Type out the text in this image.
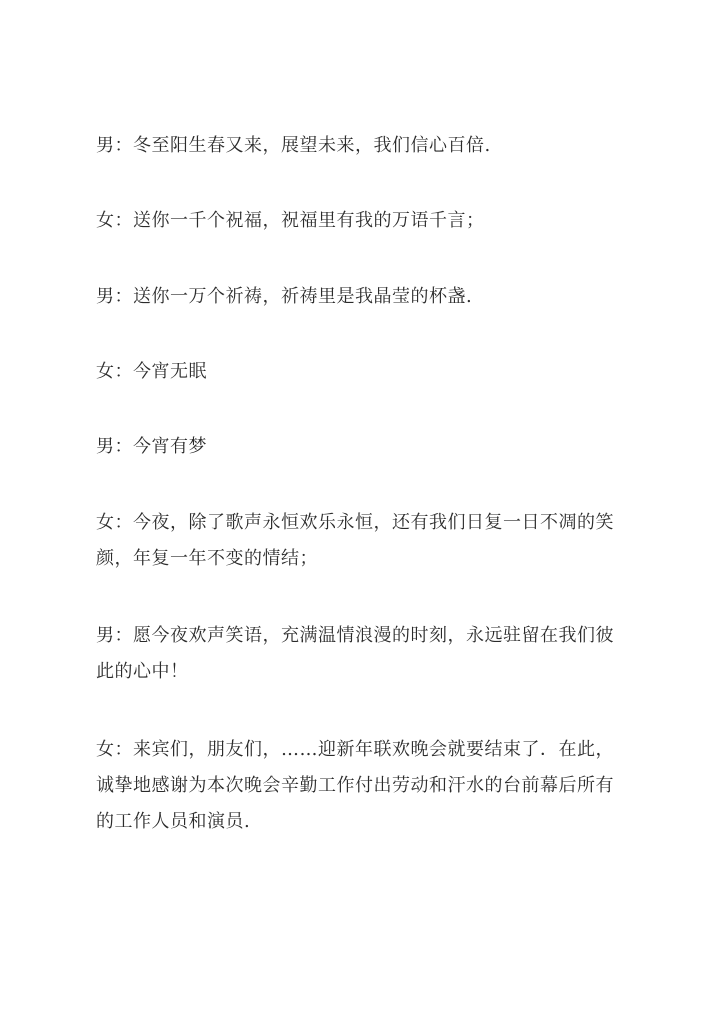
男：冬至阳生春又来，展望未来，我们信心百倍.

女：送你一千个祝福，祝福里有我的万语千言；

男：送你一万个祈祷，祈祷里是我晶莹的杯盏.

女：今宵无眠

男：今宵有梦

女：今夜，除了歌声永恒欢乐永恒，还有我们日复一日不凋的笑
颜，年复一年不变的情结；

男：愿今夜欢声笑语，充满温情浪漫的时刻，永远驻留在我们彼
此的心中！

女：来宾们，朋友们，……迎新年联欢晚会就要结束了．在此，
诚挚地感谢为本次晚会辛勤工作付出劳动和汗水的台前幕后所有
的工作人员和演员.
